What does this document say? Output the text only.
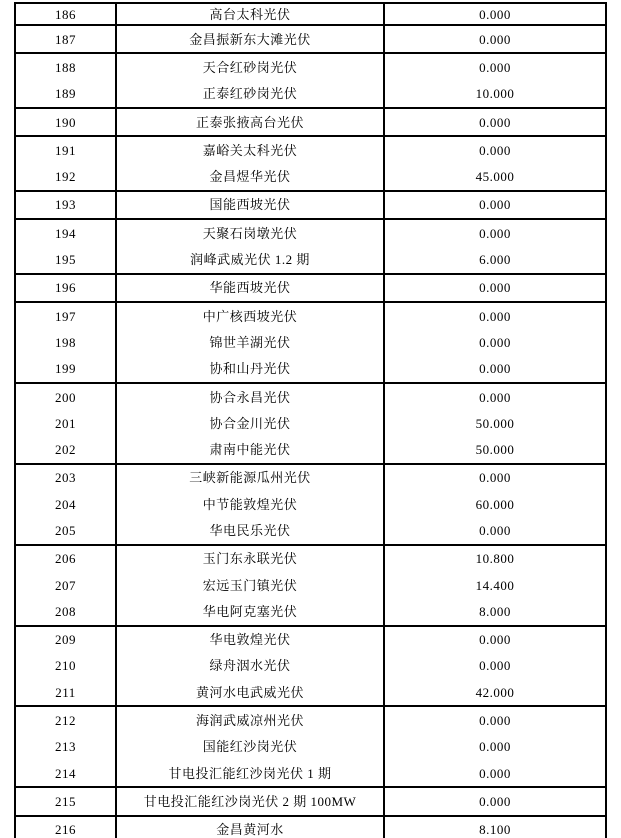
186	高台太科光伏	0.000
187	金昌振新东大滩光伏	0.000
188	天合红砂岗光伏	0.000
189	正泰红砂岗光伏	10.000
190	正泰张掖高台光伏	0.000
191	嘉峪关太科光伏	0.000
192	金昌煜华光伏	45.000
193	国能西坡光伏	0.000
194	天聚石岗墩光伏	0.000
195	润峰武威光伏 1.2 期	6.000
196	华能西坡光伏	0.000
197	中广核西坡光伏	0.000
198	锦世羊湖光伏	0.000
199	协和山丹光伏	0.000
200	协合永昌光伏	0.000
201	协合金川光伏	50.000
202	肃南中能光伏	50.000
203	三峡新能源瓜州光伏	0.000
204	中节能敦煌光伏	60.000
205	华电民乐光伏	0.000
206	玉门东永联光伏	10.800
207	宏远玉门镇光伏	14.400
208	华电阿克塞光伏	8.000
209	华电敦煌光伏	0.000
210	绿舟洇水光伏	0.000
211	黄河水电武威光伏	42.000
212	海润武威凉州光伏	0.000
213	国能红沙岗光伏	0.000
214	甘电投汇能红沙岗光伏 1 期	0.000
215	甘电投汇能红沙岗光伏 2 期 100MW	0.000
216	金昌黄河水	8.100
